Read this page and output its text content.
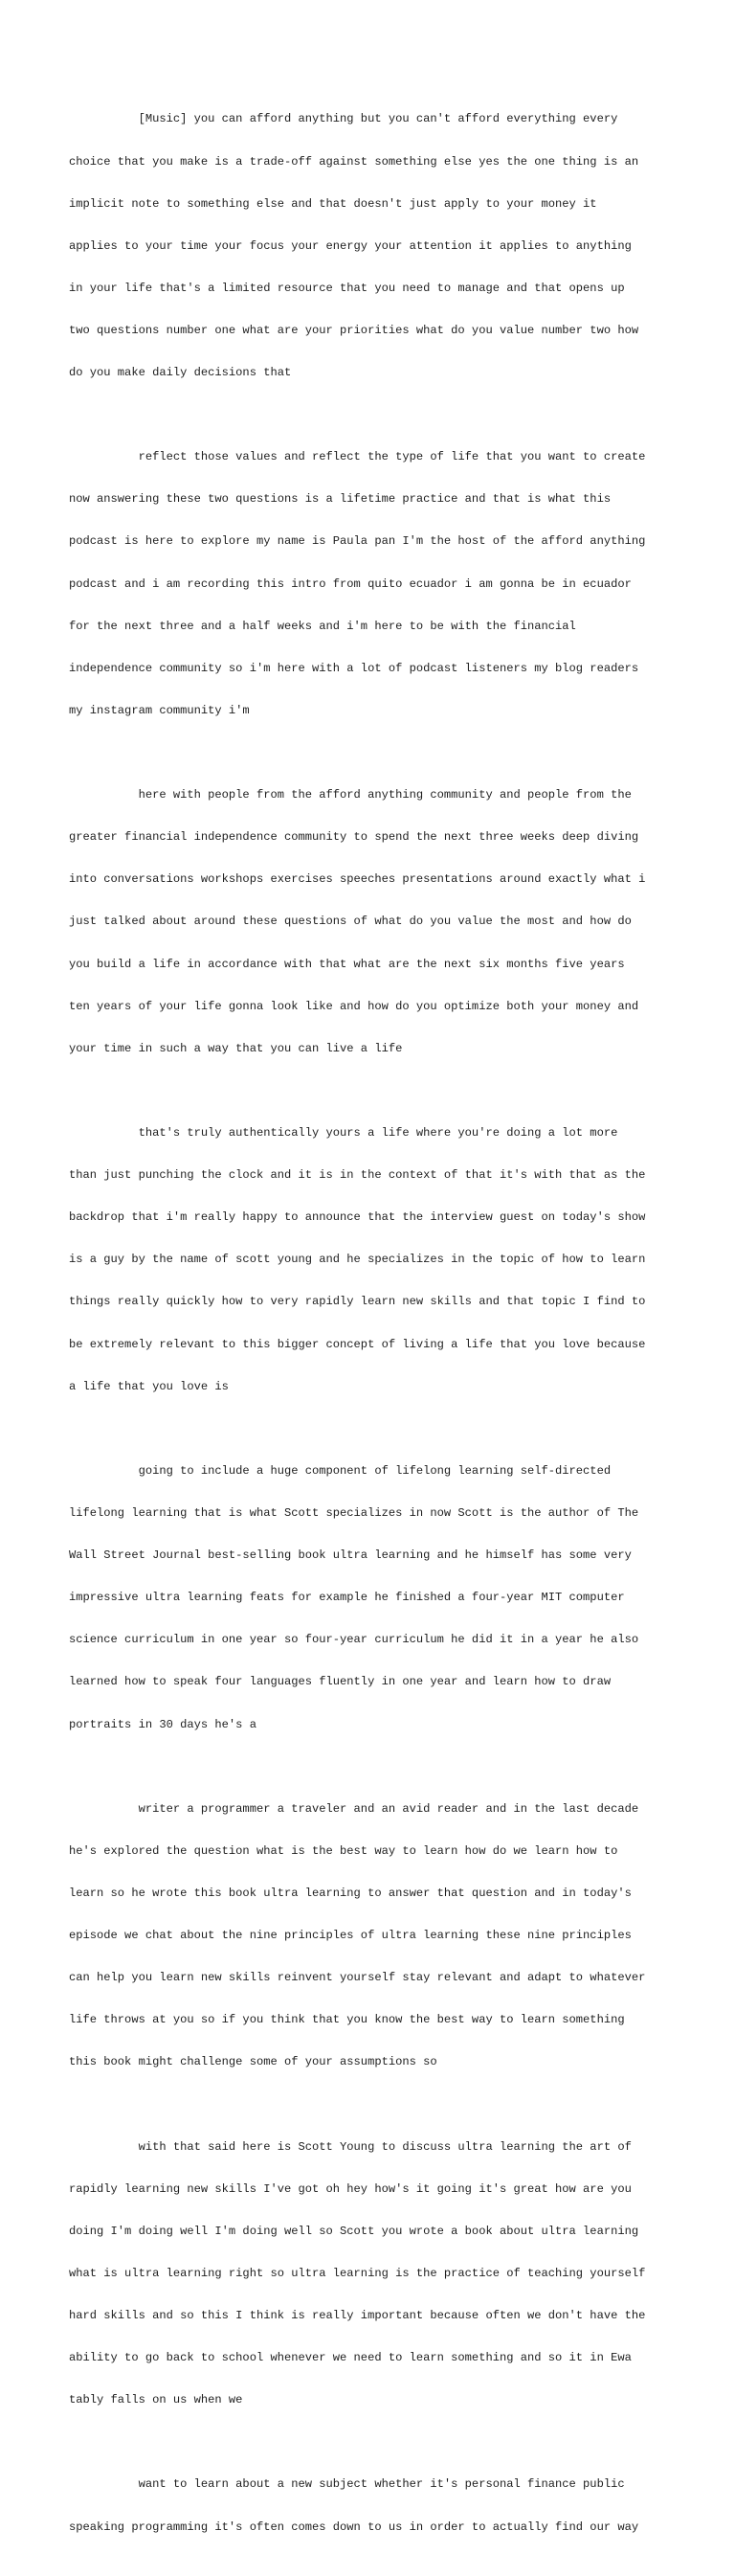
[Music] you can afford anything but you can't afford everything every

choice that you make is a trade-off against something else yes the one thing is an

implicit note to something else and that doesn't just apply to your money it

applies to your time your focus your energy your attention it applies to anything

in your life that's a limited resource that you need to manage and that opens up

two questions number one what are your priorities what do you value number two how

do you make daily decisions that

reflect those values and reflect the type of life that you want to create

now answering these two questions is a lifetime practice and that is what this

podcast is here to explore my name is Paula pan I'm the host of the afford anything

podcast and i am recording this intro from quito ecuador i am gonna be in ecuador

for the next three and a half weeks and i'm here to be with the financial

independence community so i'm here with a lot of podcast listeners my blog readers

my instagram community i'm

here with people from the afford anything community and people from the

greater financial independence community to spend the next three weeks deep diving

into conversations workshops exercises speeches presentations around exactly what i

just talked about around these questions of what do you value the most and how do

you build a life in accordance with that what are the next six months five years

ten years of your life gonna look like and how do you optimize both your money and

your time in such a way that you can live a life

that's truly authentically yours a life where you're doing a lot more

than just punching the clock and it is in the context of that it's with that as the

backdrop that i'm really happy to announce that the interview guest on today's show

is a guy by the name of scott young and he specializes in the topic of how to learn

things really quickly how to very rapidly learn new skills and that topic I find to

be extremely relevant to this bigger concept of living a life that you love because

a life that you love is

going to include a huge component of lifelong learning self-directed

lifelong learning that is what Scott specializes in now Scott is the author of The

Wall Street Journal best-selling book ultra learning and he himself has some very

impressive ultra learning feats for example he finished a four-year MIT computer

science curriculum in one year so four-year curriculum he did it in a year he also

learned how to speak four languages fluently in one year and learn how to draw

portraits in 30 days he's a

writer a programmer a traveler and an avid reader and in the last decade

he's explored the question what is the best way to learn how do we learn how to

learn so he wrote this book ultra learning to answer that question and in today's

episode we chat about the nine principles of ultra learning these nine principles

can help you learn new skills reinvent yourself stay relevant and adapt to whatever

life throws at you so if you think that you know the best way to learn something

this book might challenge some of your assumptions so

with that said here is Scott Young to discuss ultra learning the art of

rapidly learning new skills I've got oh hey how's it going it's great how are you

doing I'm doing well I'm doing well so Scott you wrote a book about ultra learning

what is ultra learning right so ultra learning is the practice of teaching yourself

hard skills and so this I think is really important because often we don't have the

ability to go back to school whenever we need to learn something and so it in Ewa

tably falls on us when we

want to learn about a new subject whether it's personal finance public

speaking programming it's often comes down to us in order to actually find our way
